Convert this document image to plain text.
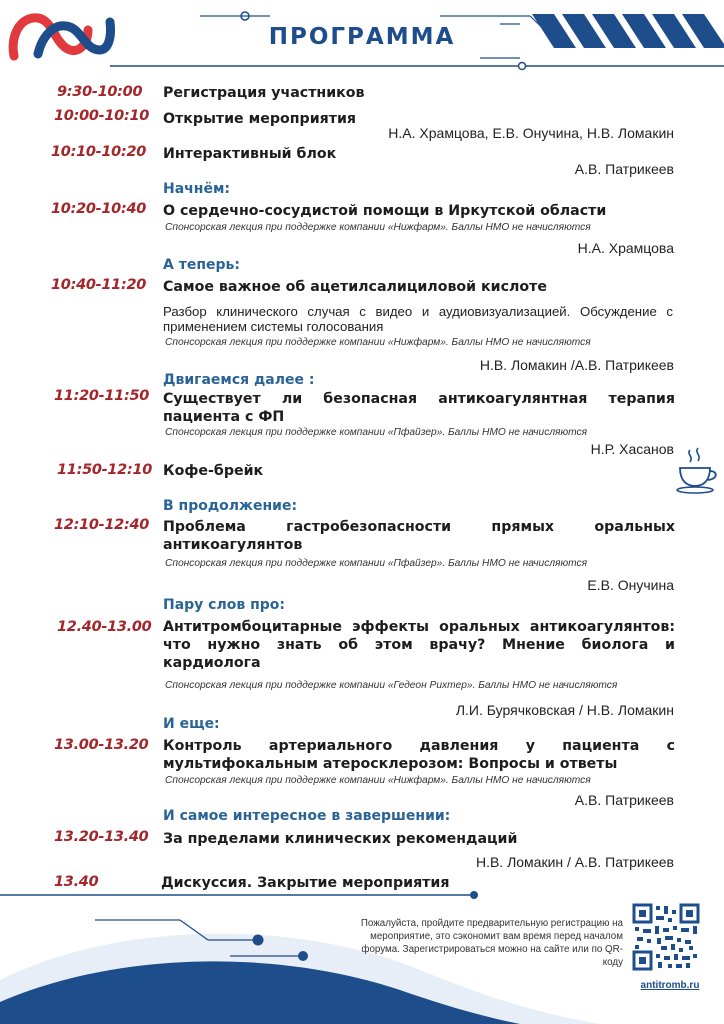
ПРОГРАММА
9:30-10:00 Регистрация участников
10:00-10:10 Открытие мероприятия
Н.А. Храмцова, Е.В. Онучина, Н.В. Ломакин
10:10-10:20 Интерактивный блок
А.В. Патрикеев
Начнём:
10:20-10:40 О сердечно-сосудистой помощи в Иркутской области
Спонсорская лекция при поддержке компании «Нижфарм». Баллы НМО не начисляются
Н.А. Храмцова
А теперь:
10:40-11:20 Самое важное об ацетилсалициловой кислоте
Разбор клинического случая с видео и аудиовизуализацией. Обсуждение с применением системы голосования
Спонсорская лекция при поддержке компании «Нижфарм». Баллы НМО не начисляются
Н.В. Ломакин /А.В. Патрикеев
Двигаемся далее :
11:20-11:50 Существует ли безопасная антикоагулянтная терапия пациента с ФП
Спонсорская лекция при поддержке компании «Пфайзер». Баллы НМО не начисляются
Н.Р. Хасанов
11:50-12:10 Кофе-брейк
В продолжение:
12:10-12:40 Проблема гастробезопасности прямых оральных антикоагулянтов
Спонсорская лекция при поддержке компании «Пфайзер». Баллы НМО не начисляются
Е.В. Онучина
Пару слов про:
12.40-13.00 Антитромбоцитарные эффекты оральных антикоагулянтов: что нужно знать об этом врачу? Мнение биолога и кардиолога
Спонсорская лекция при поддержке компании «Гедеон Рихтер». Баллы НМО не начисляются
Л.И. Бурячковская / Н.В. Ломакин
И еще:
13.00-13.20 Контроль артериального давления у пациента с мультифокальным атеросклерозом: Вопросы и ответы
Спонсорская лекция при поддержке компании «Нижфарм». Баллы НМО не начисляются
А.В. Патрикеев
И самое интересное в завершении:
13.20-13.40 За пределами клинических рекомендаций
Н.В. Ломакин / А.В. Патрикеев
13.40	Дискуссия. Закрытие мероприятия
Пожалуйста, пройдите предварительную регистрацию на мероприятие, это сэкономит вам время перед началом форума. Зарегистрироваться можно на сайте или по QR-коду
antitromb.ru
